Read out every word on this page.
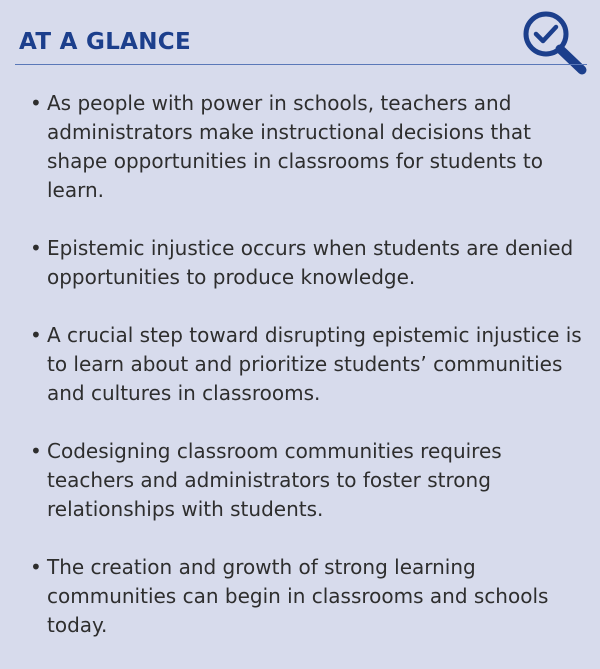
AT A GLANCE
• As people with power in schools, teachers and administrators make instructional decisions that shape opportunities in classrooms for students to learn.
• Epistemic injustice occurs when students are denied opportunities to produce knowledge.
• A crucial step toward disrupting epistemic injustice is to learn about and prioritize students’ communities and cultures in classrooms.
• Codesigning classroom communities requires teachers and administrators to foster strong relationships with students.
• The creation and growth of strong learning communities can begin in classrooms and schools today.
